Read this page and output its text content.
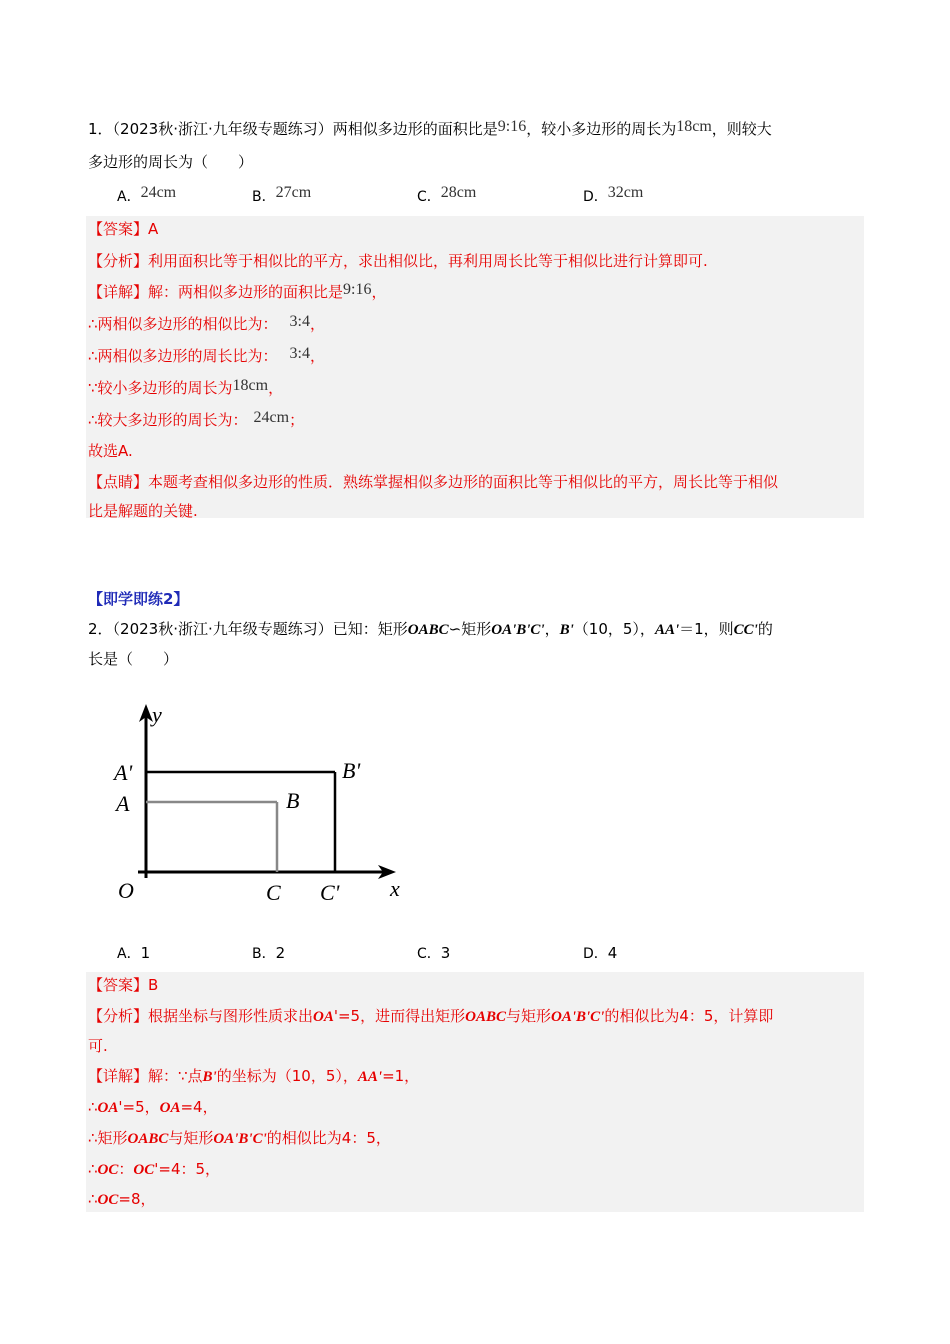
1．（2023秋·浙江·九年级专题练习）两相似多边形的面积比是9:16，较小多边形的周长为18cm，则较大
多边形的周长为（　　）
A．24cm	B．27cm	C．28cm	D．32cm
【答案】A
【分析】利用面积比等于相似比的平方，求出相似比，再利用周长比等于相似比进行计算即可.
【详解】解：两相似多边形的面积比是9:16，
∴两相似多边形的相似比为： 3:4，
∴两相似多边形的周长比为： 3:4，
∵较小多边形的周长为18cm，
∴较大多边形的周长为： 24cm；
故选A.
【点睛】本题考查相似多边形的性质．熟练掌握相似多边形的面积比等于相似比的平方，周长比等于相似
比是解题的关键.
【即学即练2】
2．（2023秋·浙江·九年级专题练习）已知：矩形OABC∽矩形OA'B'C'，B'（10，5），AA'＝1，则CC'的
长是（　　）
y
A'
A	B
B'
O	C C' x
A．1	B．2	C．3	D．4
【答案】B
【分析】根据坐标与图形性质求出OA'=5，进而得出矩形OABC与矩形OA'B'C'的相似比为4：5，计算即
可.
【详解】解：∵点B'的坐标为（10，5），AA'=1，
∴OA'=5，OA=4，
∴矩形OABC与矩形OA'B'C'的相似比为4：5，
∴OC：OC'=4：5，
∴OC=8，
